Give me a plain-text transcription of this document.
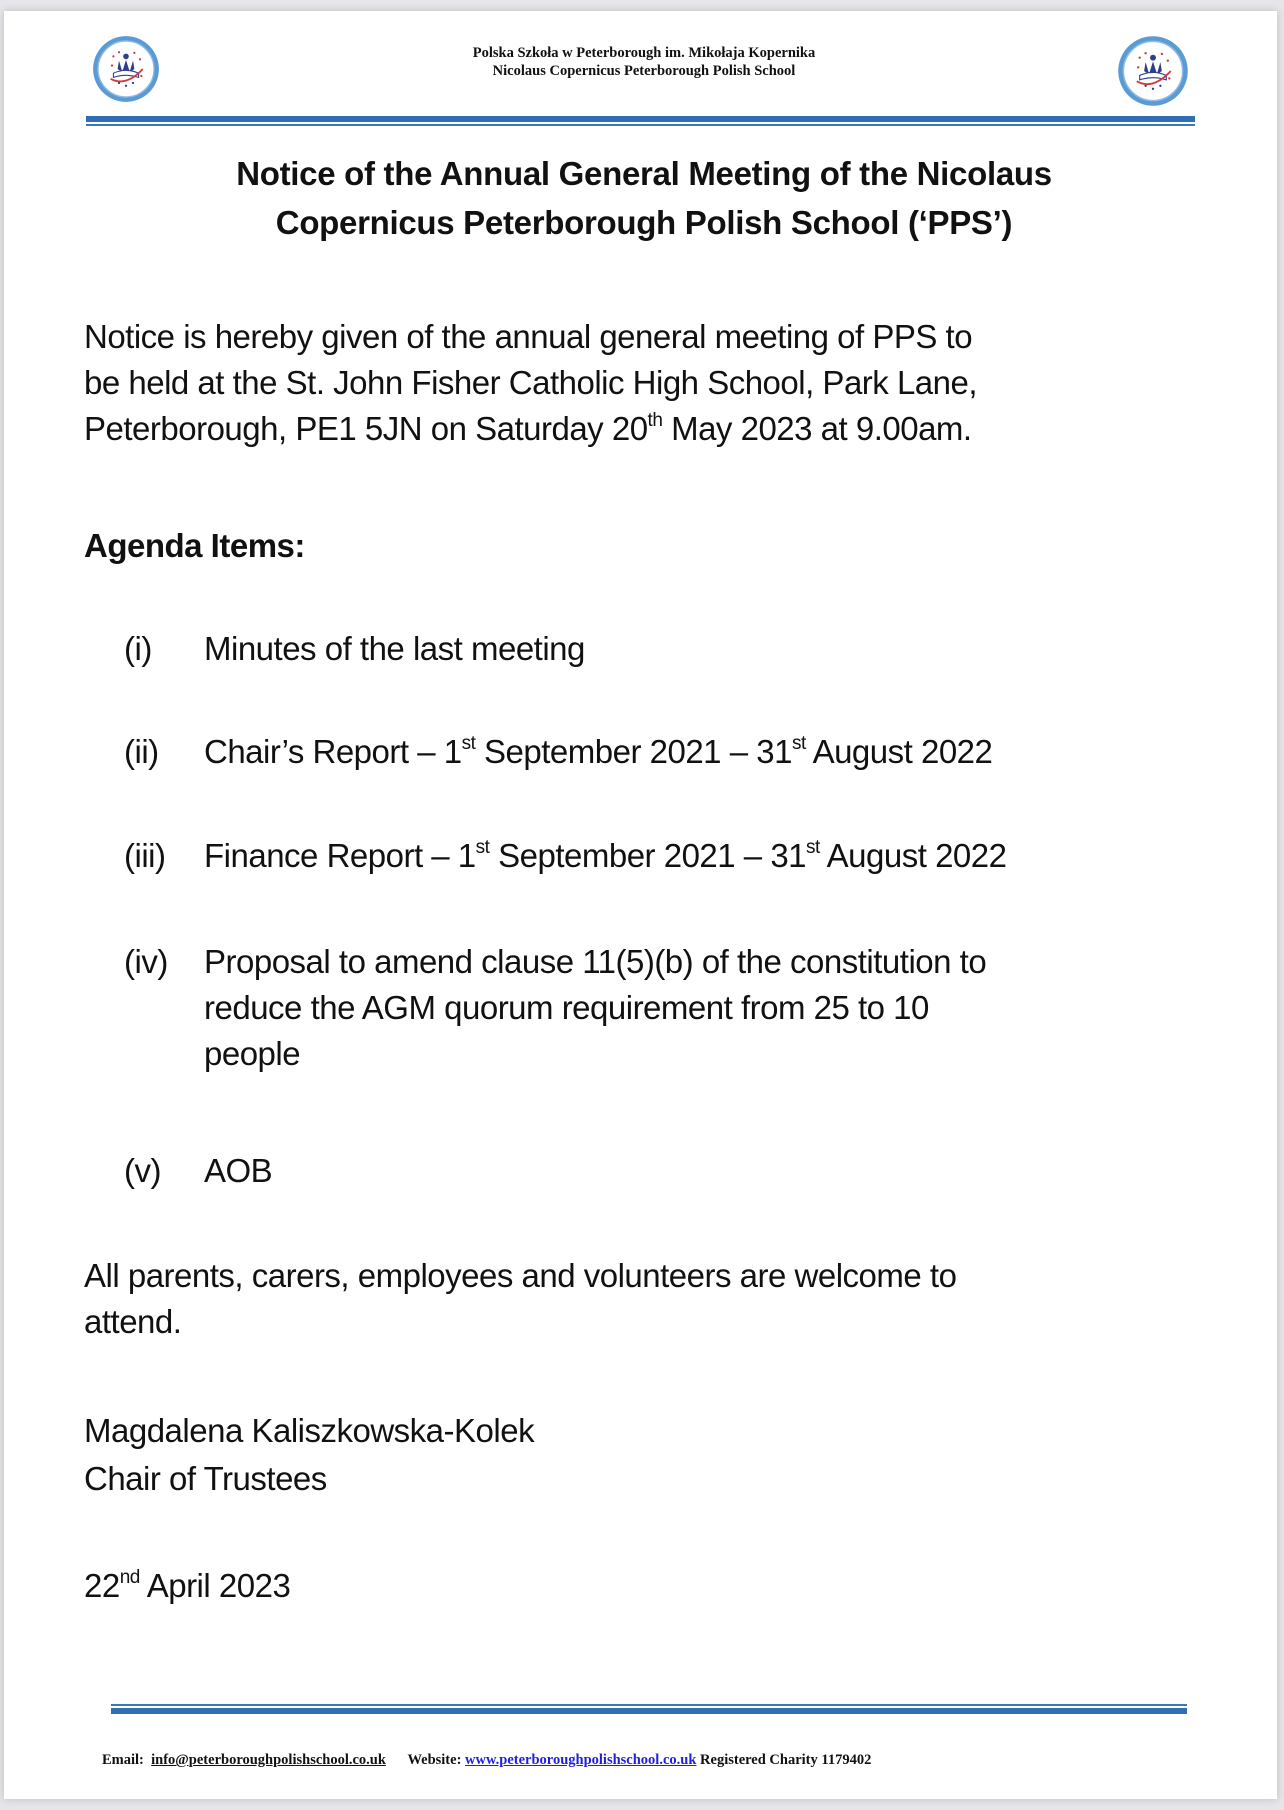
Polska Szkoła w Peterborough im. Mikołaja Kopernika
Nicolaus Copernicus Peterborough Polish School
Notice of the Annual General Meeting of the Nicolaus
Copernicus Peterborough Polish School (‘PPS’)
Notice is hereby given of the annual general meeting of PPS to
be held at the St. John Fisher Catholic High School, Park Lane,
Peterborough, PE1 5JN on Saturday 20th May 2023 at 9.00am.
Agenda Items:
(i) Minutes of the last meeting
(ii) Chair’s Report – 1st September 2021 – 31st August 2022
(iii) Finance Report – 1st September 2021 – 31st August 2022
(iv) Proposal to amend clause 11(5)(b) of the constitution to
reduce the AGM quorum requirement from 25 to 10
people
(v) AOB
All parents, carers, employees and volunteers are welcome to
attend.
Magdalena Kaliszkowska-Kolek
Chair of Trustees
22nd April 2023
Email: info@peterboroughpolishschool.co.uk Website: www.peterboroughpolishschool.co.uk Registered Charity 1179402
